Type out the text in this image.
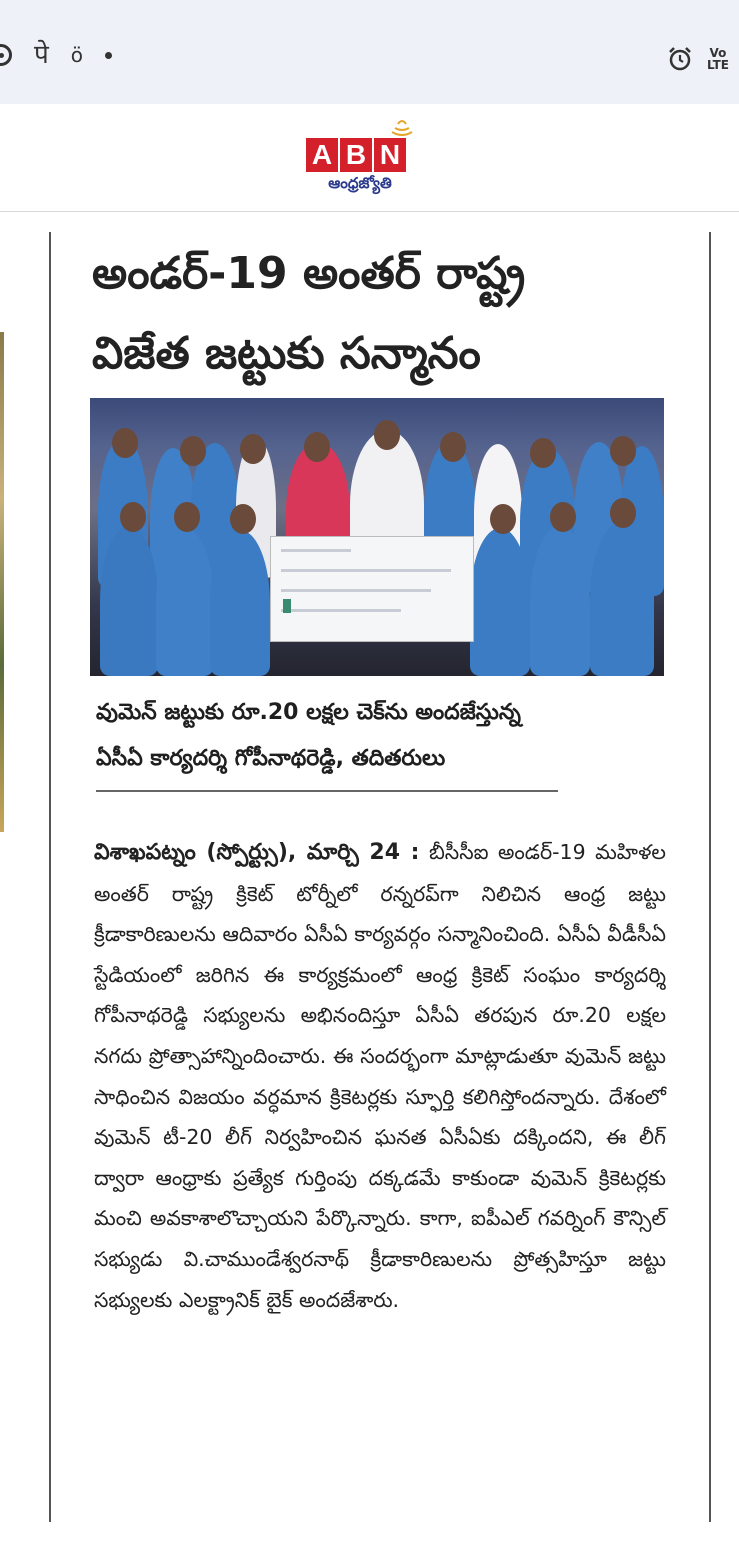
पे ö	Vo
LTE
A B N
ఆంధ్రజ్యోతి
అండర్‌-19 అంతర్‌ రాష్ట్ర
విజేత జట్టుకు సన్మానం
వుమెన్‌ జట్టుకు రూ.20 లక్షల చెక్‌ను అందజేస్తున్న
ఏసీఏ కార్యదర్శి గోపీనాథరెడ్డి, తదితరులు
విశాఖపట్నం (స్పోర్ట్సు), మార్చి 24 : బీసీసీఐ అండర్‌-19 మహిళల అంతర్‌ రాష్ట్ర క్రికెట్‌ టోర్నీలో రన్నరప్‌గా నిలిచిన ఆంధ్ర జట్టు క్రీడాకారిణులను ఆదివారం ఏసీఏ కార్యవర్గం సన్మానించింది. ఏసీఏ వీడీసీఏ స్టేడియంలో జరిగిన ఈ కార్యక్రమంలో ఆంధ్ర క్రికెట్‌ సంఘం కార్యదర్శి గోపీనాథరెడ్డి సభ్యులను అభినందిస్తూ ఏసీఏ తరపున రూ.20 లక్షల నగదు ప్రోత్సాహాన్నిందించారు. ఈ సందర్భంగా మాట్లాడుతూ వుమెన్‌ జట్టు సాధించిన విజయం వర్ధమాన క్రికెటర్లకు స్ఫూర్తి కలిగిస్తోందన్నారు. దేశంలో వుమెన్‌ టీ-20 లీగ్‌ నిర్వహించిన ఘనత ఏసీఏకు దక్కిందని, ఈ లీగ్‌ ద్వారా ఆంధ్రాకు ప్రత్యేక గుర్తింపు దక్కడమే కాకుండా వుమెన్‌ క్రికెటర్లకు మంచి అవకాశాలొచ్చాయని పేర్కొన్నారు. కాగా, ఐపీఎల్‌ గవర్నింగ్‌ కౌన్సిల్‌ సభ్యుడు వి.చాముండేశ్వరనాథ్‌ క్రీడాకారిణులను ప్రోత్సహిస్తూ జట్టు సభ్యులకు ఎలక్ట్రానిక్‌ బైక్‌ అందజేశారు.
